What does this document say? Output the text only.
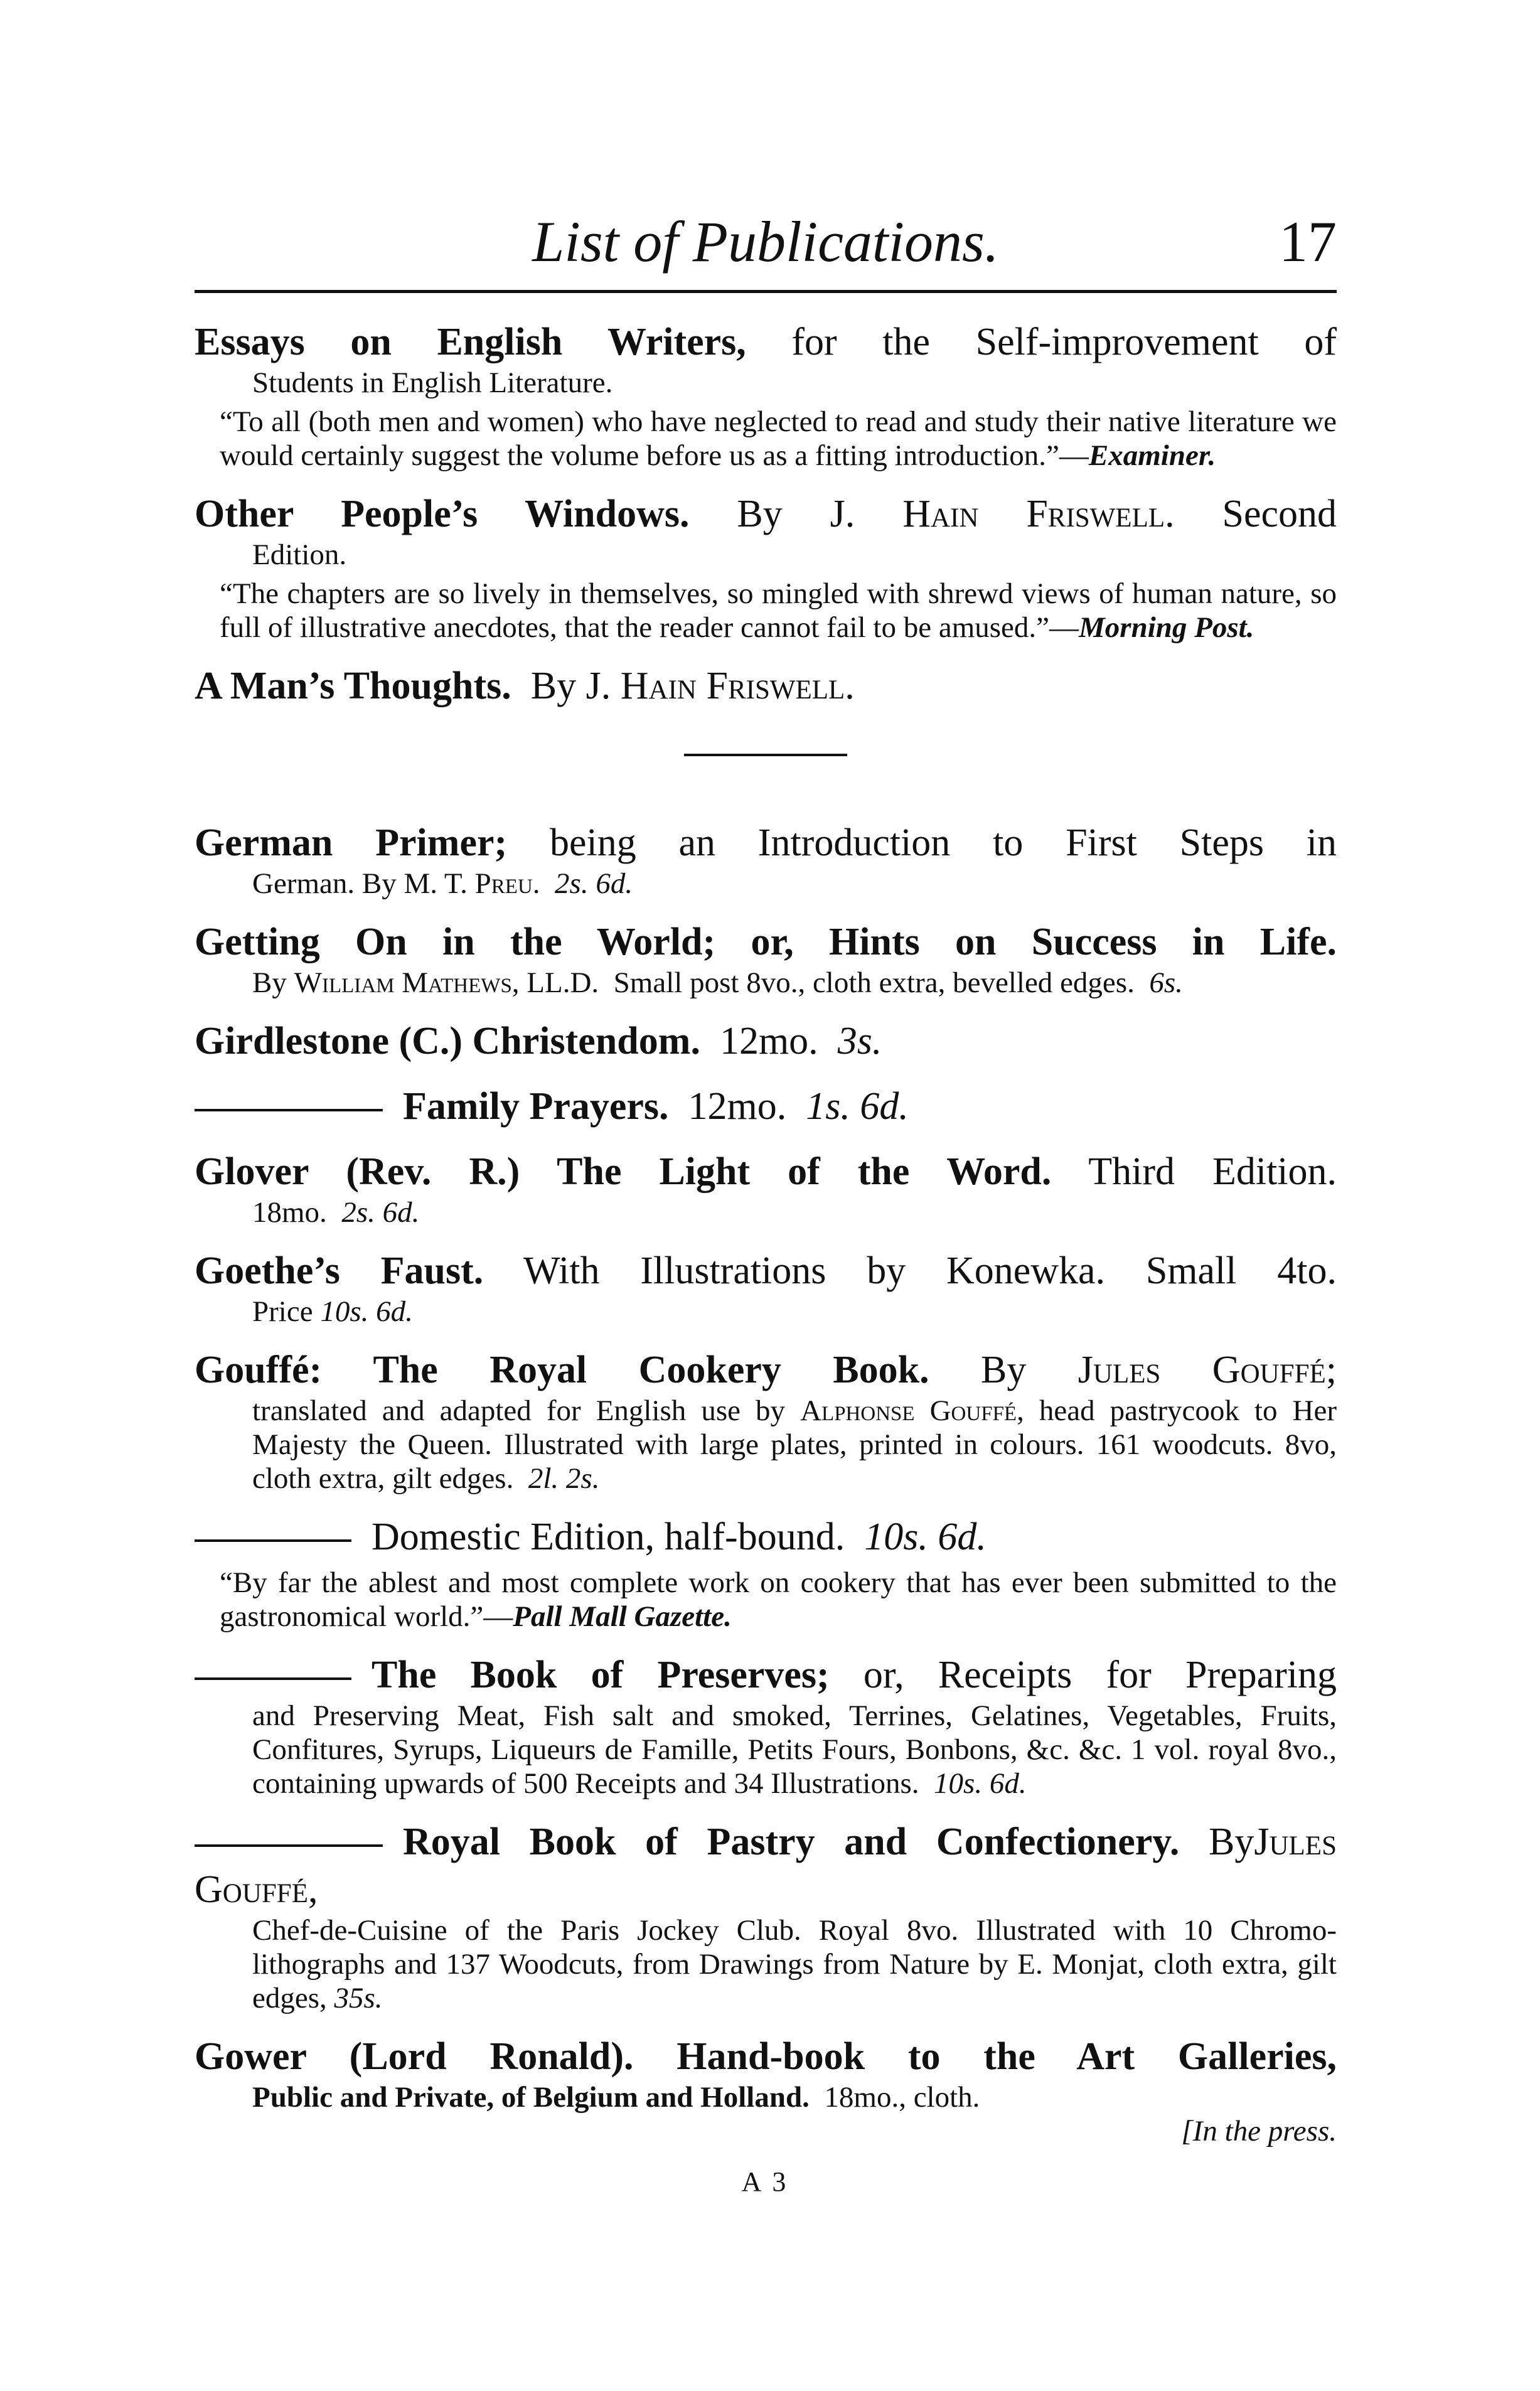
List of Publications.	17
Essays on English Writers, for the Self-improvement of
Students in English Literature.
“To all (both men and women) who have neglected to read and study their native literature we would certainly suggest the volume before us as a fitting introduction.”—Examiner.
Other People’s Windows. By J. Hain Friswell. Second
Edition.
“The chapters are so lively in themselves, so mingled with shrewd views of human nature, so full of illustrative anecdotes, that the reader cannot fail to be amused.”—Morning Post.
A Man’s Thoughts. By J. Hain Friswell.
German Primer; being an Introduction to First Steps in
German. By M. T. Preu. 2s. 6d.
Getting On in the World; or, Hints on Success in Life.
By William Mathews, LL.D. Small post 8vo., cloth extra, bevelled edges. 6s.
Girdlestone (C.) Christendom. 12mo. 3s.
Family Prayers. 12mo. 1s. 6d.
Glover (Rev. R.) The Light of the Word. Third Edition.
18mo. 2s. 6d.
Goethe’s Faust. With Illustrations by Konewka. Small 4to.
Price 10s. 6d.
Gouffé: The Royal Cookery Book. By Jules Gouffé;
translated and adapted for English use by Alphonse Gouffé, head pastrycook to Her Majesty the Queen. Illustrated with large plates, printed in colours. 161 woodcuts. 8vo, cloth extra, gilt edges. 2l. 2s.
Domestic Edition, half-bound. 10s. 6d.
“By far the ablest and most complete work on cookery that has ever been submitted to the gastronomical world.”—Pall Mall Gazette.
The Book of Preserves; or, Receipts for Preparing
and Preserving Meat, Fish salt and smoked, Terrines, Gelatines, Vegetables, Fruits, Confitures, Syrups, Liqueurs de Famille, Petits Fours, Bonbons, &c. &c. 1 vol. royal 8vo., containing upwards of 500 Receipts and 34 Illustrations. 10s. 6d.
Royal Book of Pastry and Confectionery. ByJules Gouffé,
Chef-de-Cuisine of the Paris Jockey Club. Royal 8vo. Illustrated with 10 Chromo-lithographs and 137 Woodcuts, from Drawings from Nature by E. Monjat, cloth extra, gilt edges, 35s.
Gower (Lord Ronald). Hand-book to the Art Galleries,
Public and Private, of Belgium and Holland. 18mo., cloth.
[In the press.
A 3
